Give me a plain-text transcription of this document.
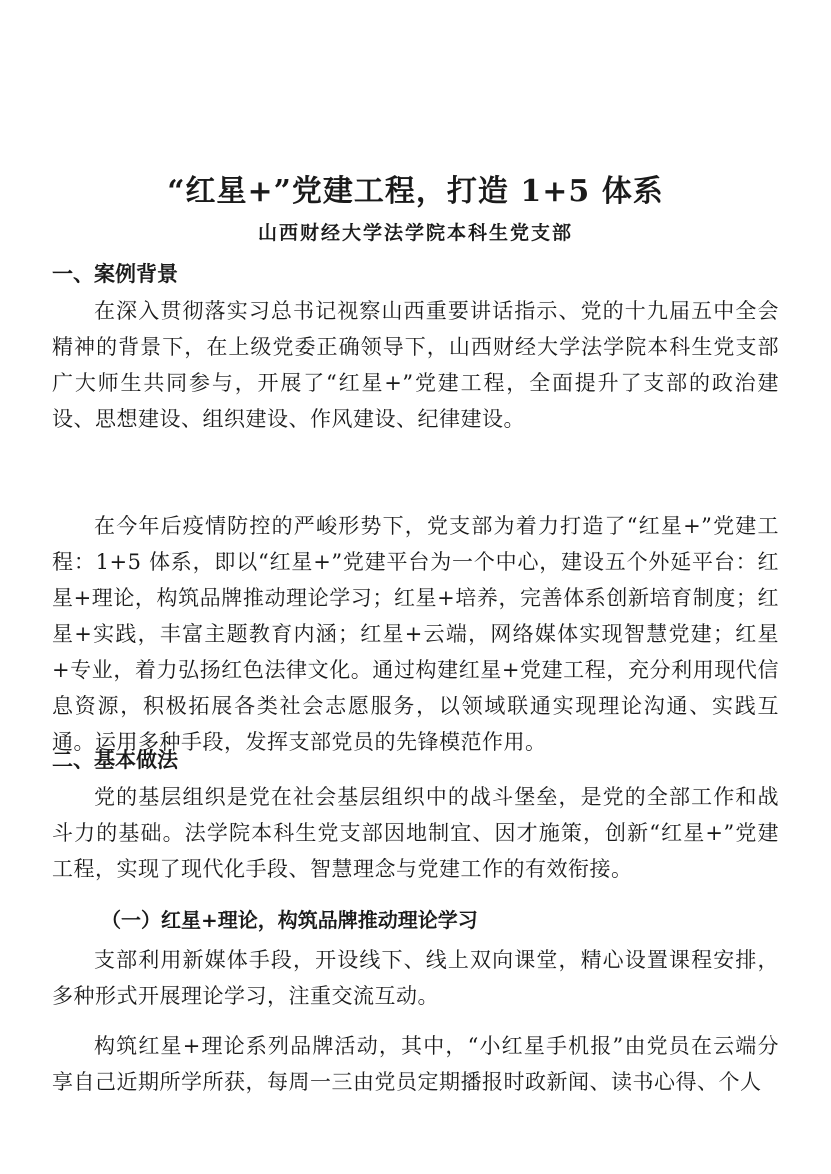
“红星+”党建工程，打造 1+5 体系

山西财经大学法学院本科生党支部

一、案例背景

在深入贯彻落实习总书记视察山西重要讲话指示、党的十九届五中全会精神的背景下，在上级党委正确领导下，山西财经大学法学院本科生党支部广大师生共同参与，开展了“红星+”党建工程，全面提升了支部的政治建设、思想建设、组织建设、作风建设、纪律建设。

在今年后疫情防控的严峻形势下，党支部为着力打造了“红星+”党建工程：1+5 体系，即以“红星+”党建平台为一个中心，建设五个外延平台：红星+理论，构筑品牌推动理论学习；红星+培养，完善体系创新培育制度；红星+实践，丰富主题教育内涵；红星+云端，网络媒体实现智慧党建；红星+专业，着力弘扬红色法律文化。通过构建红星+党建工程，充分利用现代信息资源，积极拓展各类社会志愿服务，以领域联通实现理论沟通、实践互通。运用多种手段，发挥支部党员的先锋模范作用。

二、基本做法

党的基层组织是党在社会基层组织中的战斗堡垒，是党的全部工作和战斗力的基础。法学院本科生党支部因地制宜、因才施策，创新“红星+”党建工程，实现了现代化手段、智慧理念与党建工作的有效衔接。

（一）红星+理论，构筑品牌推动理论学习

支部利用新媒体手段，开设线下、线上双向课堂，精心设置课程安排，多种形式开展理论学习，注重交流互动。

构筑红星+理论系列品牌活动，其中，“小红星手机报”由党员在云端分享自己近期所学所获，每周一三由党员定期播报时政新闻、读书心得、个人
